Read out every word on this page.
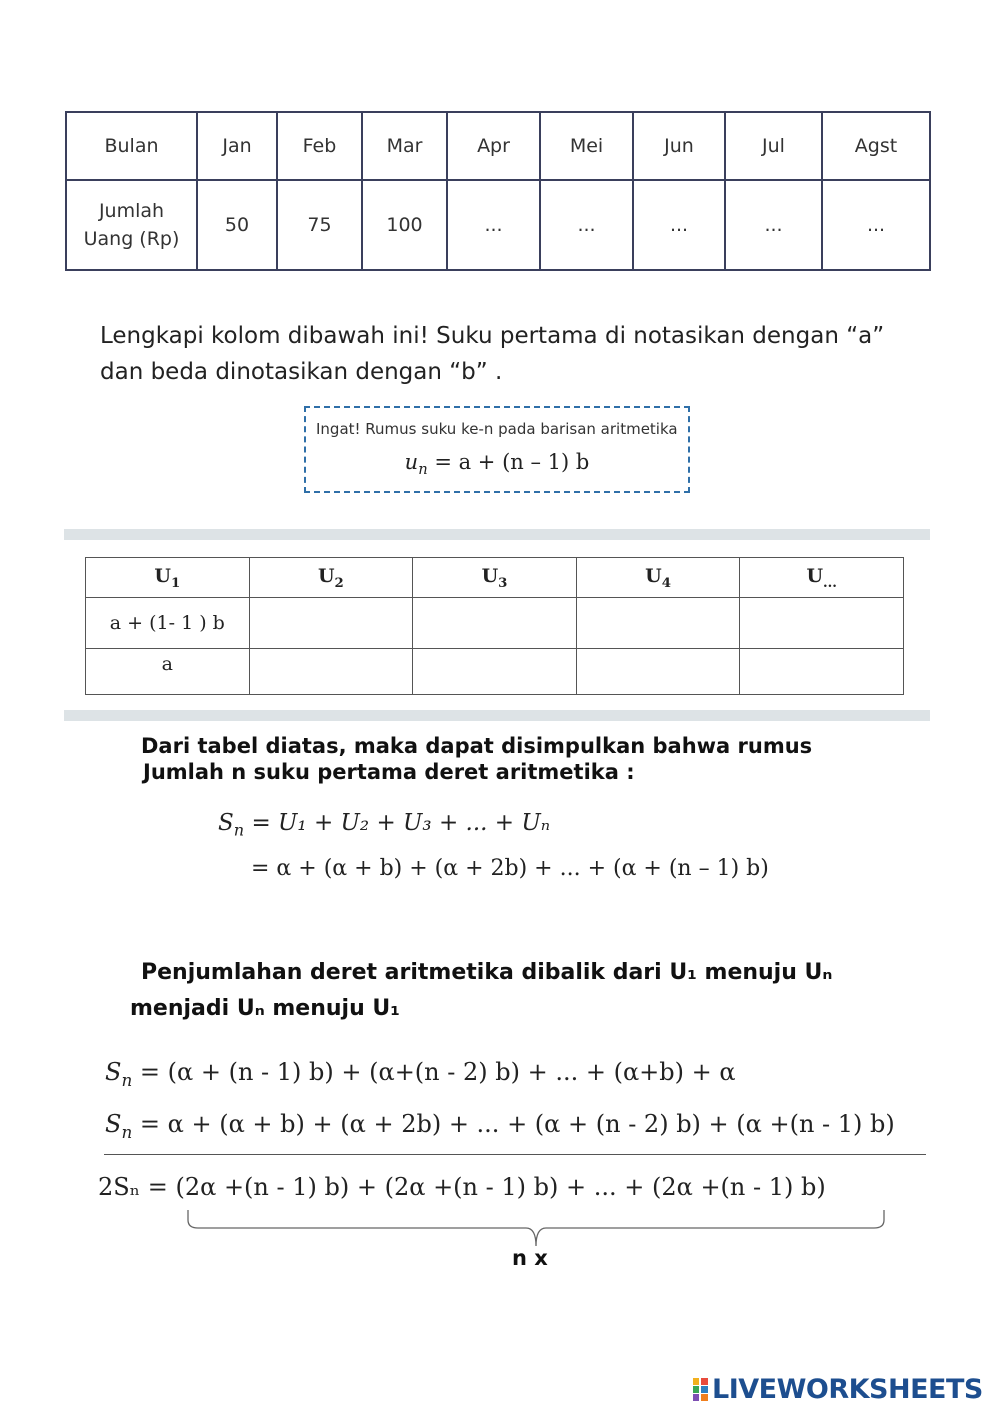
Bulan	Jan	Feb	Mar	Apr	Mei	Jun	Jul	Agst

Jumlah
Uang (Rp)	50	75	100	...	...	...	...	...
Lengkapi kolom dibawah ini! Suku pertama di notasikan dengan “a” dan beda dinotasikan dengan “b” .
Ingat! Rumus suku ke-n pada barisan aritmetika
$u_n = a + (n - 1)$ b
$U_1$	$U_2$	$U_3$	$U_4$	$U_{...}$
a + (1- 1 ) b				
a				
Dari tabel diatas, maka dapat disimpulkan bahwa rumus
Jumlah n suku pertama deret aritmetika :
$S_n = U_1 + U_2 + U_3$ + ... + Uₙ
= α + (α + b) + (α + 2b) + ... + (α + (n – 1) b)
Penjumlahan deret aritmetika dibalik dari U₁ menuju Uₙ
menjadi Uₙ menuju U₁
$S_n = (\alpha + (n - 1) b) + (\alpha+(n - 2) b)$ + ... + (α+b) + α
$S_n = \alpha + (\alpha + b) + (\alpha + 2b)$ + ... + (α + (n - 2) b) + (α +(n - 1) b)
2Sₙ = (2α +(n - 1) b) + (2α +(n - 1) b) + ... + (2α +(n - 1) b)
n x
LIVEWORKSHEETS
